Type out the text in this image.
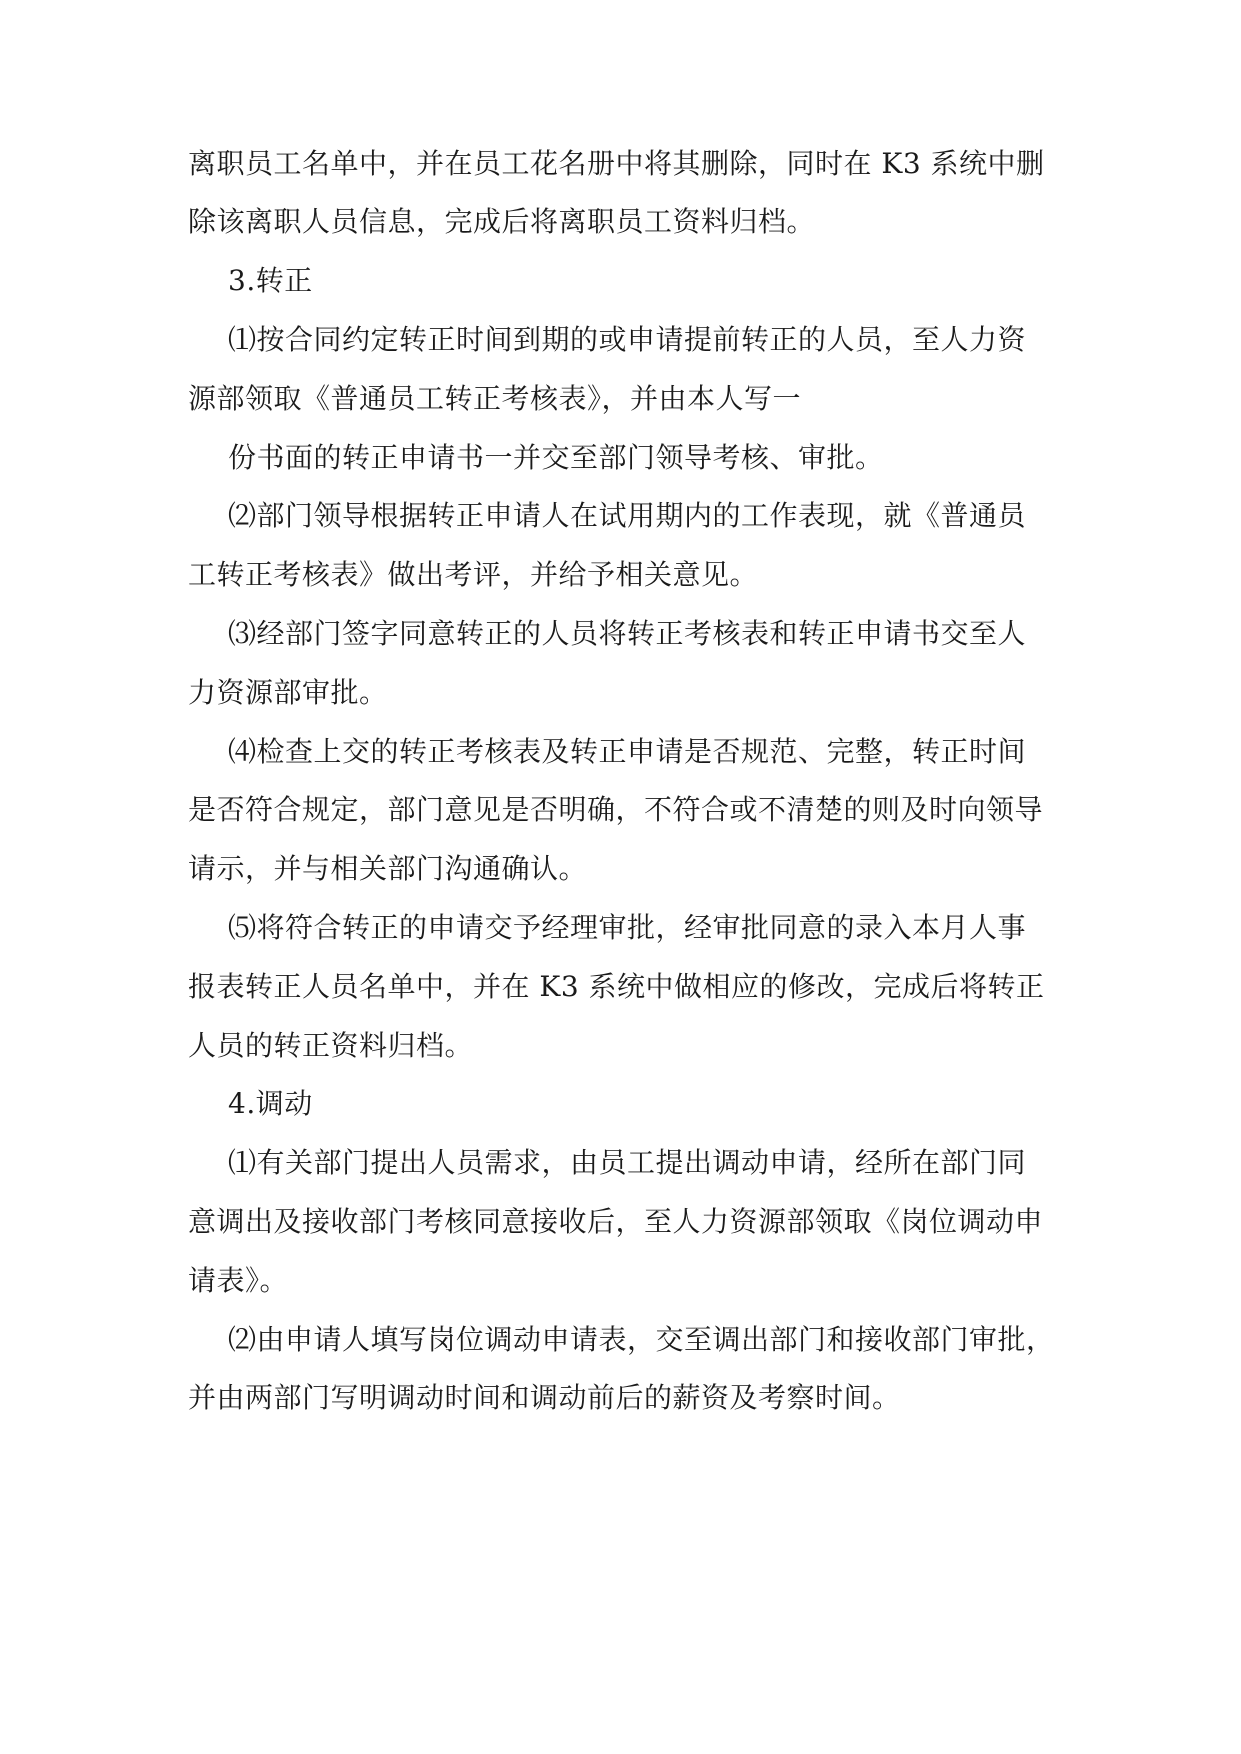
离职员工名单中，并在员工花名册中将其删除，同时在 K3 系统中删
除该离职人员信息，完成后将离职员工资料归档。
3.转正
⑴按合同约定转正时间到期的或申请提前转正的人员，至人力资
源部领取《普通员工转正考核表》，并由本人写一
份书面的转正申请书一并交至部门领导考核、审批。
⑵部门领导根据转正申请人在试用期内的工作表现，就《普通员
工转正考核表》做出考评，并给予相关意见。
⑶经部门签字同意转正的人员将转正考核表和转正申请书交至人
力资源部审批。
⑷检查上交的转正考核表及转正申请是否规范、完整，转正时间
是否符合规定，部门意见是否明确，不符合或不清楚的则及时向领导
请示，并与相关部门沟通确认。
⑸将符合转正的申请交予经理审批，经审批同意的录入本月人事
报表转正人员名单中，并在 K3 系统中做相应的修改，完成后将转正
人员的转正资料归档。
4.调动
⑴有关部门提出人员需求，由员工提出调动申请，经所在部门同
意调出及接收部门考核同意接收后，至人力资源部领取《岗位调动申
请表》。
⑵由申请人填写岗位调动申请表，交至调出部门和接收部门审批，
并由两部门写明调动时间和调动前后的薪资及考察时间。
